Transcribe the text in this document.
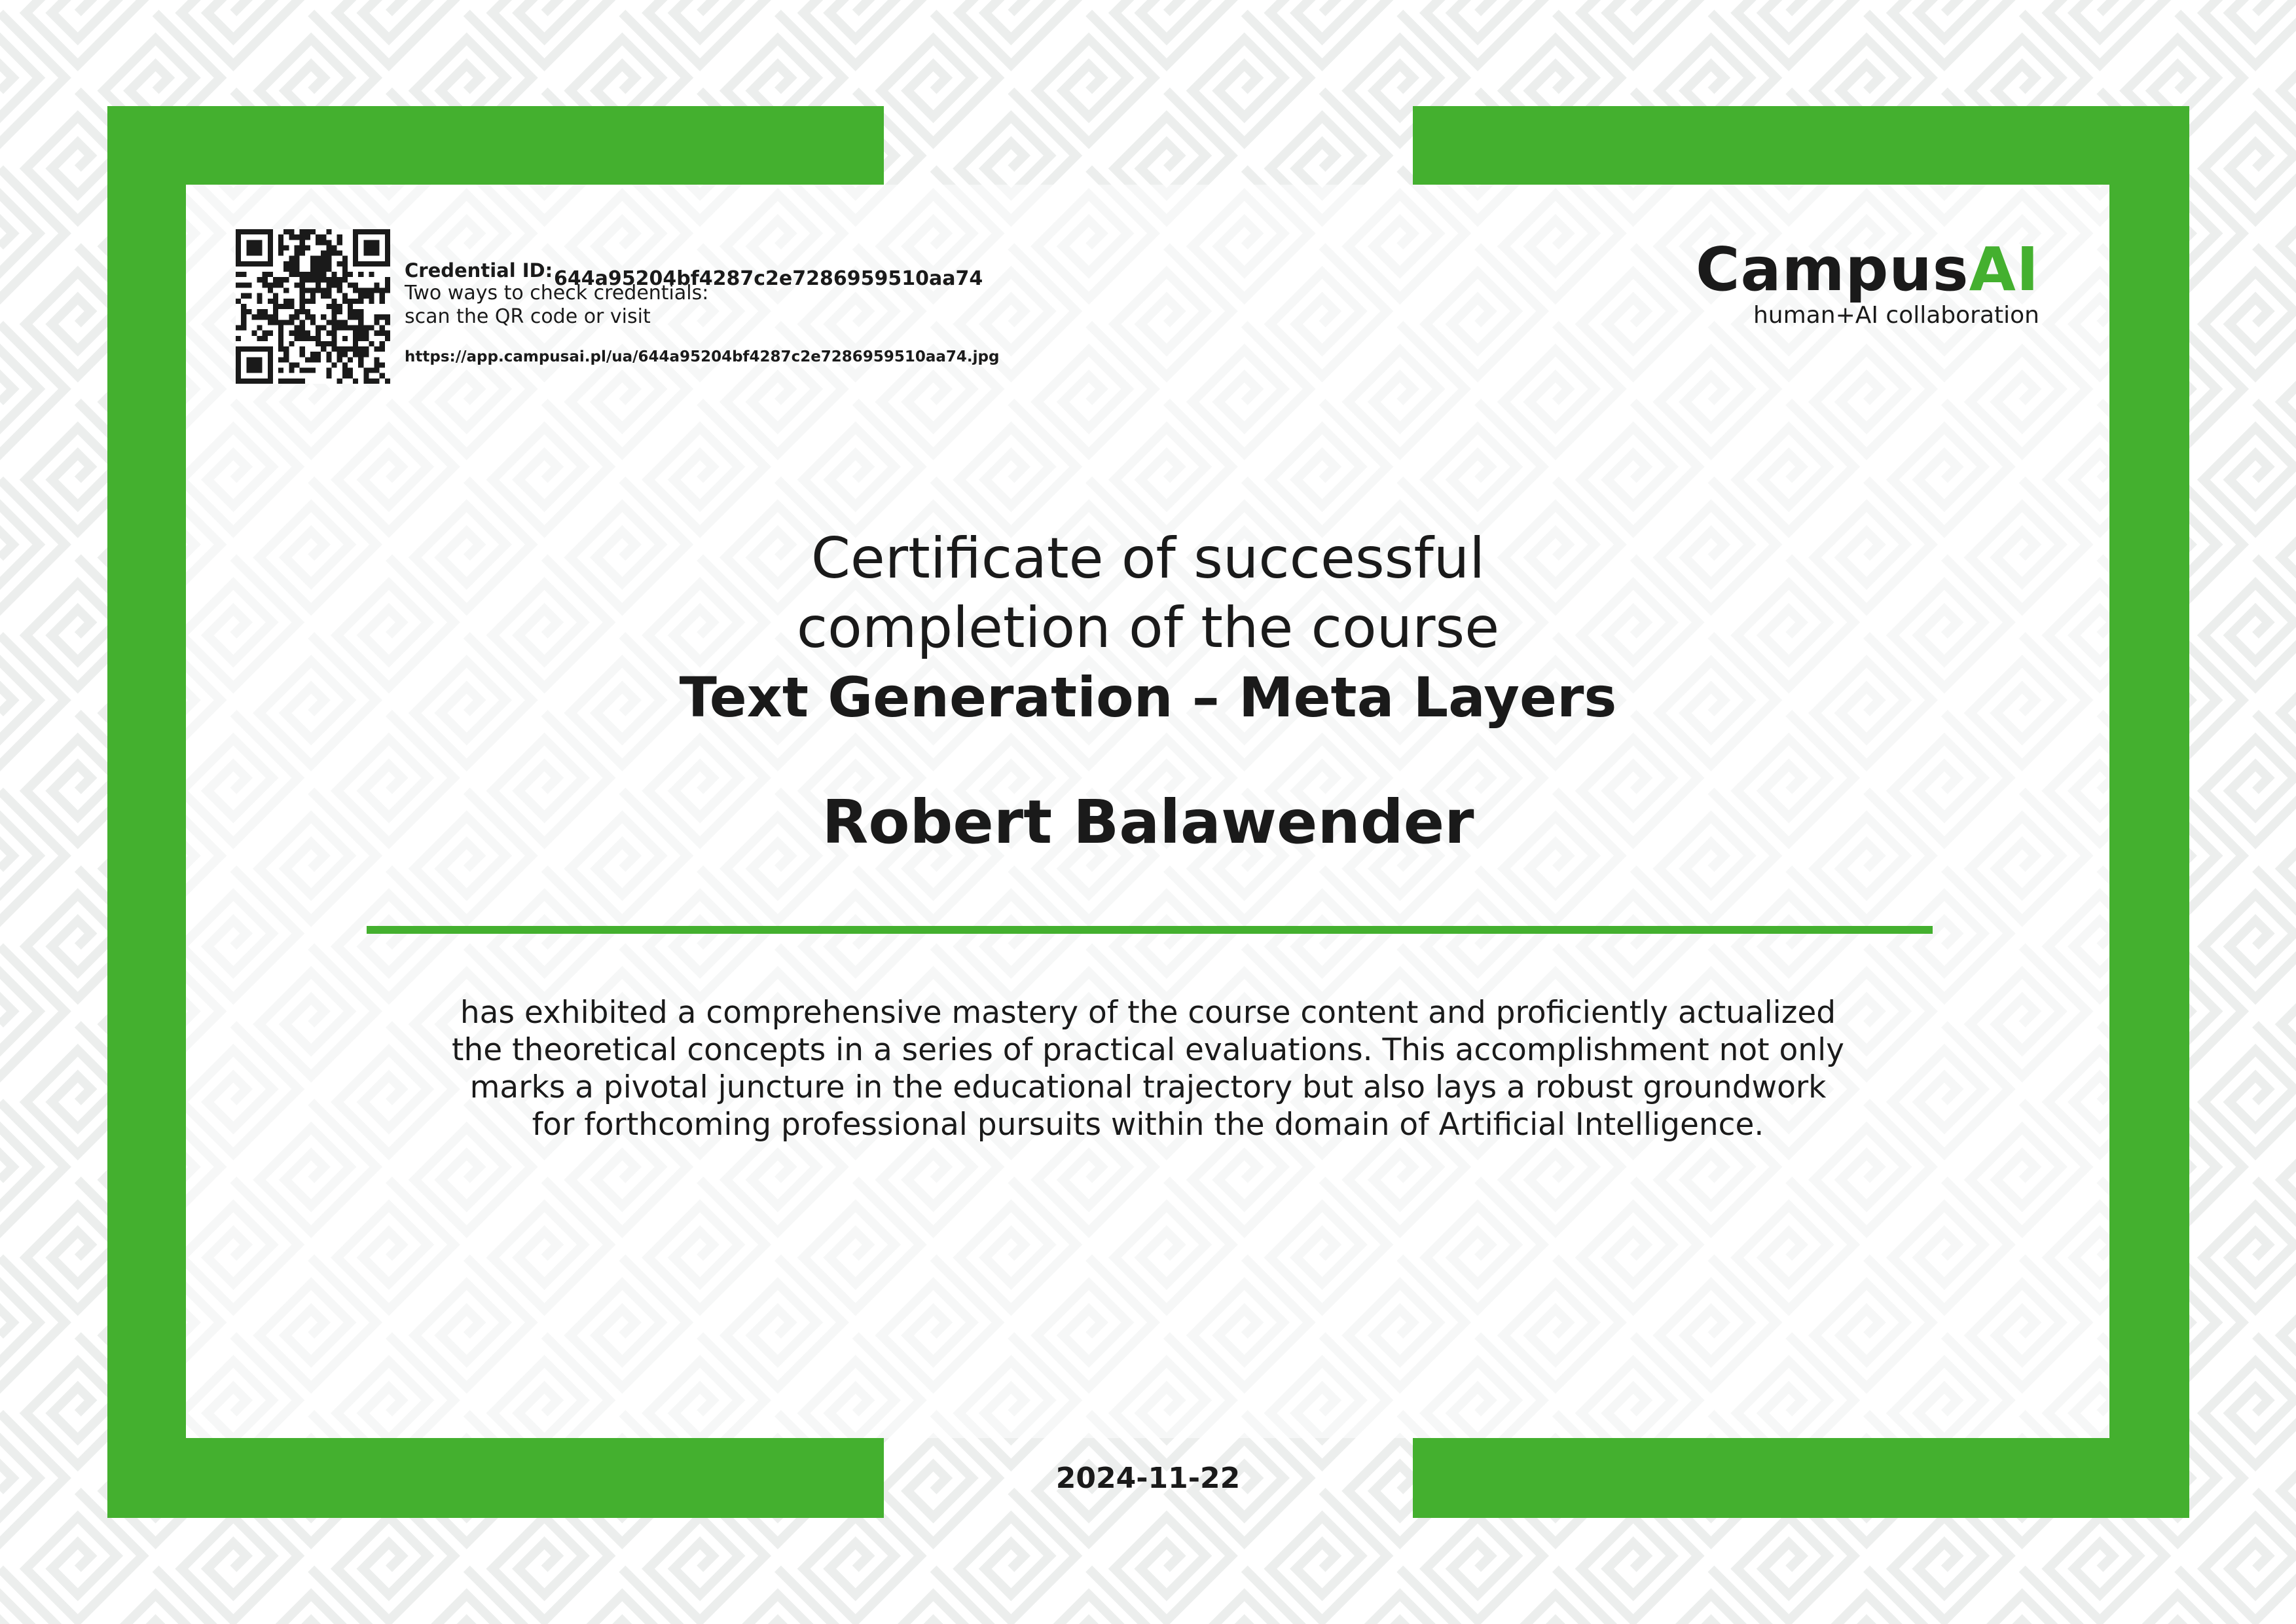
Credential ID: 644a95204bf4287c2e7286959510aa74
Two ways to check credentials:
scan the QR code or visit
https://app.campusai.pl/ua/644a95204bf4287c2e7286959510aa74.jpg
CampusAI
human+AI collaboration
Certificate of successful
completion of the course
Text Generation – Meta Layers
Robert Balawender
has exhibited a comprehensive mastery of the course content and proficiently actualized
the theoretical concepts in a series of practical evaluations. This accomplishment not only
marks a pivotal juncture in the educational trajectory but also lays a robust groundwork
for forthcoming professional pursuits within the domain of Artificial Intelligence.
2024-11-22
